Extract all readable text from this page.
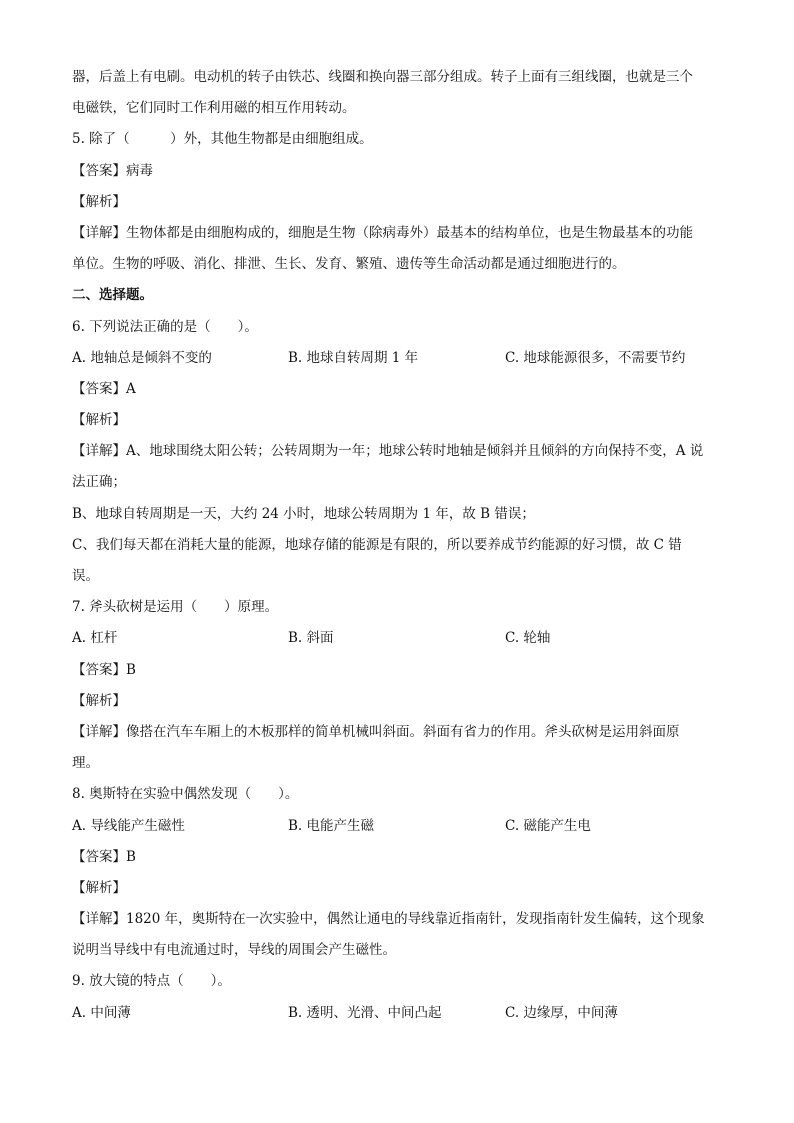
器，后盖上有电刷。电动机的转子由铁芯、线圈和换向器三部分组成。转子上面有三组线圈，也就是三个
电磁铁，它们同时工作利用磁的相互作用转动。
5. 除了（　　　）外，其他生物都是由细胞组成。
【答案】病毒
【解析】
【详解】生物体都是由细胞构成的，细胞是生物（除病毒外）最基本的结构单位，也是生物最基本的功能
单位。生物的呼吸、消化、排泄、生长、发育、繁殖、遗传等生命活动都是通过细胞进行的。
二、选择题。
6. 下列说法正确的是（　　）。
A. 地轴总是倾斜不变的	B. 地球自转周期 1 年	C. 地球能源很多，不需要节约
【答案】A
【解析】
【详解】A、地球围绕太阳公转；公转周期为一年；地球公转时地轴是倾斜并且倾斜的方向保持不变，A 说
法正确；
B、地球自转周期是一天，大约 24 小时，地球公转周期为 1 年，故 B 错误；
C、我们每天都在消耗大量的能源，地球存储的能源是有限的，所以要养成节约能源的好习惯，故 C 错
误。
7. 斧头砍树是运用（　　）原理。
A. 杠杆	B. 斜面	C. 轮轴
【答案】B
【解析】
【详解】像搭在汽车车厢上的木板那样的简单机械叫斜面。斜面有省力的作用。斧头砍树是运用斜面原
理。
8. 奥斯特在实验中偶然发现（　　）。
A. 导线能产生磁性	B. 电能产生磁	C. 磁能产生电
【答案】B
【解析】
【详解】1820 年，奥斯特在一次实验中，偶然让通电的导线靠近指南针，发现指南针发生偏转，这个现象
说明当导线中有电流通过时，导线的周围会产生磁性。
9. 放大镜的特点（　　）。
A. 中间薄	B. 透明、光滑、中间凸起	C. 边缘厚，中间薄
